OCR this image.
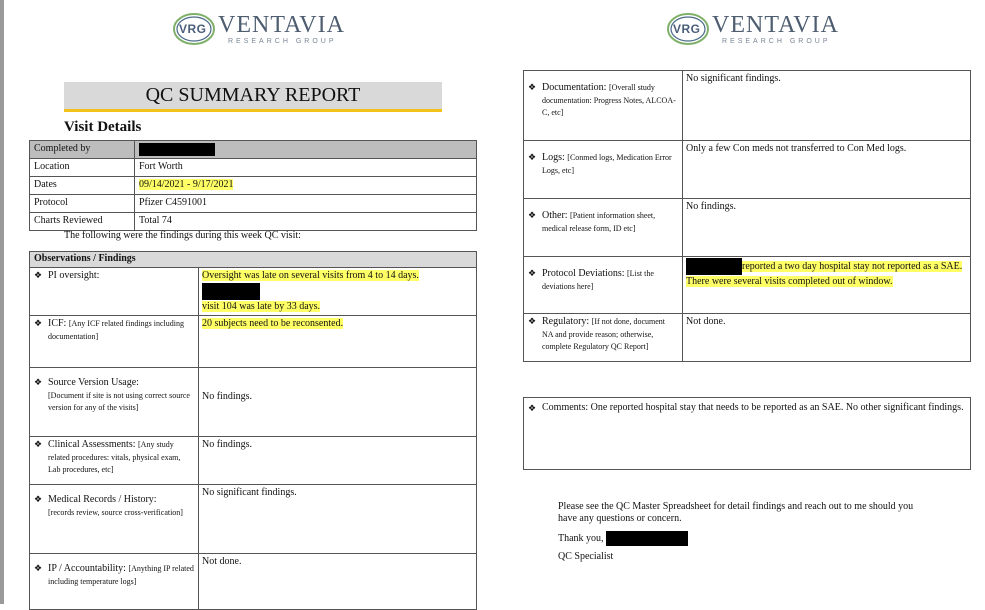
VRG VENTAVIA
RESEARCH GROUP
VRG VENTAVIA
RESEARCH GROUP
QC SUMMARY REPORT
Visit Details
Completed by	
Location	Fort Worth
Dates	09/14/2021 - 9/17/2021
Protocol	Pfizer C4591001
Charts Reviewed	Total 74
The following were the findings during this week QC visit:
Observations / Findings	

❖ PI oversight:	Oversight was late on several visits from 4 to 14 days.
visit 104 was late by 33 days.

❖ ICF: [Any ICF related findings including documentation]	20 subjects need to be reconsented.

❖ Source Version Usage:
[Document if site is not using correct source version for any of the visits]	No findings.

❖ Clinical Assessments: [Any study related procedures: vitals, physical exam, Lab procedures, etc]	No findings.

❖ Medical Records / History:
[records review, source cross-verification]	No significant findings.

❖ IP / Accountability: [Anything IP related including temperature logs]	Not done.
❖ Documentation: [Overall study documentation: Progress Notes, ALCOA-C, etc]	No significant findings.

❖ Logs: [Conmed logs, Medication Error Logs, etc]	Only a few Con meds not transferred to Con Med logs.

❖ Other: [Patient information sheet, medical release form, ID etc]	No findings.

❖ Protocol Deviations: [List the deviations here]	reported a two day hospital stay not reported as a SAE.
There were several visits completed out of window.

❖ Regulatory: [If not done, document NA and provide reason; otherwise, complete Regulatory QC Report]	Not done.
❖ Comments: One reported hospital stay that needs to be reported as an SAE. No other significant findings.
Please see the QC Master Spreadsheet for detail findings and reach out to me should you
have any questions or concern.
Thank you,
QC Specialist
